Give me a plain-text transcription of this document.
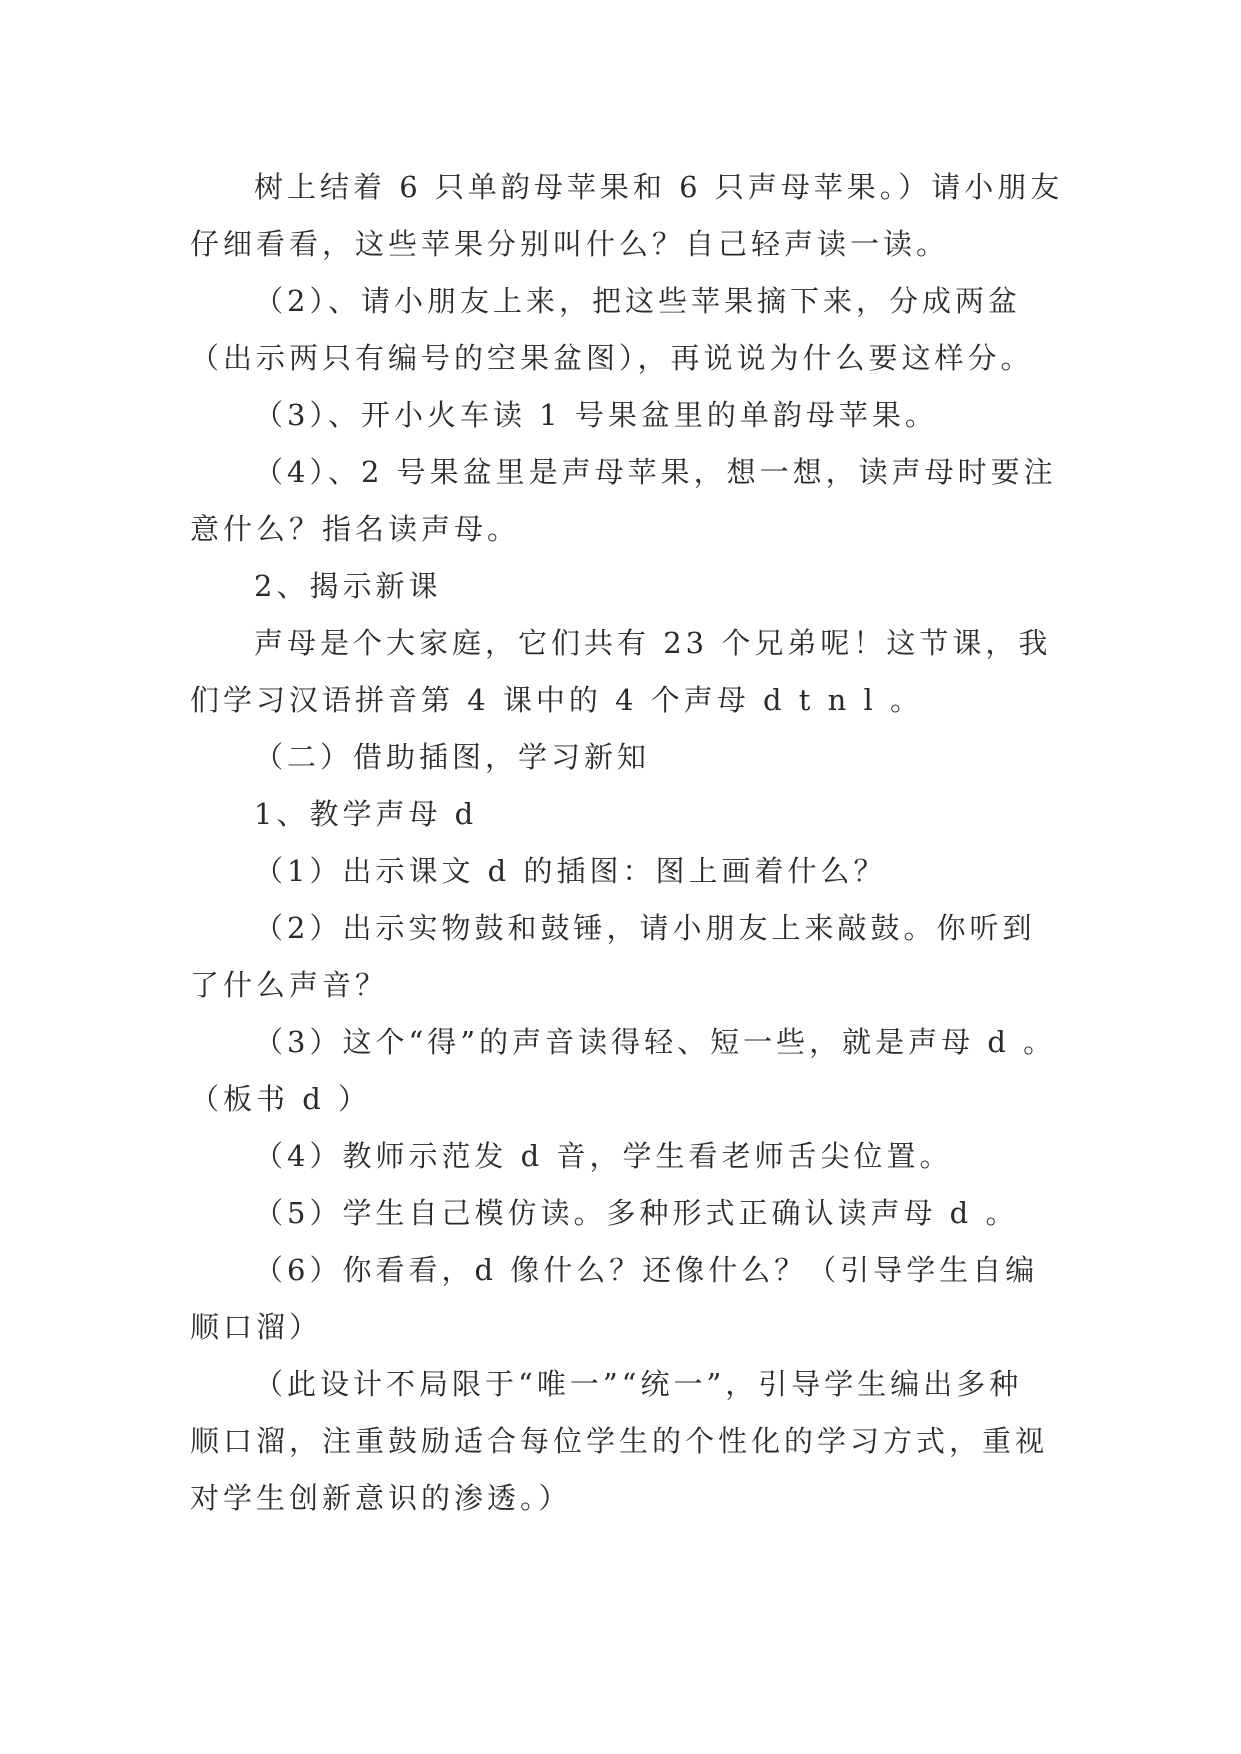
树上结着 6 只单韵母苹果和 6 只声母苹果。）请小朋友
仔细看看，这些苹果分别叫什么？自己轻声读一读。
（2）、请小朋友上来，把这些苹果摘下来，分成两盆
（出示两只有编号的空果盆图），再说说为什么要这样分。
（3）、开小火车读 1 号果盆里的单韵母苹果。
（4）、2 号果盆里是声母苹果，想一想，读声母时要注
意什么？指名读声母。
2、揭示新课
声母是个大家庭，它们共有 23 个兄弟呢！这节课，我
们学习汉语拼音第 4 课中的 4 个声母 d t n l 。
（二）借助插图，学习新知
1、教学声母 d
（1）出示课文 d 的插图：图上画着什么？
（2）出示实物鼓和鼓锤，请小朋友上来敲鼓。你听到
了什么声音？
（3）这个“得”的声音读得轻、短一些，就是声母 d 。
（板书 d ）
（4）教师示范发 d 音，学生看老师舌尖位置。
（5）学生自己模仿读。多种形式正确认读声母 d 。
（6）你看看，d 像什么？还像什么？（引导学生自编
顺口溜）
（此设计不局限于“唯一”“统一”，引导学生编出多种
顺口溜，注重鼓励适合每位学生的个性化的学习方式，重视
对学生创新意识的渗透。）
